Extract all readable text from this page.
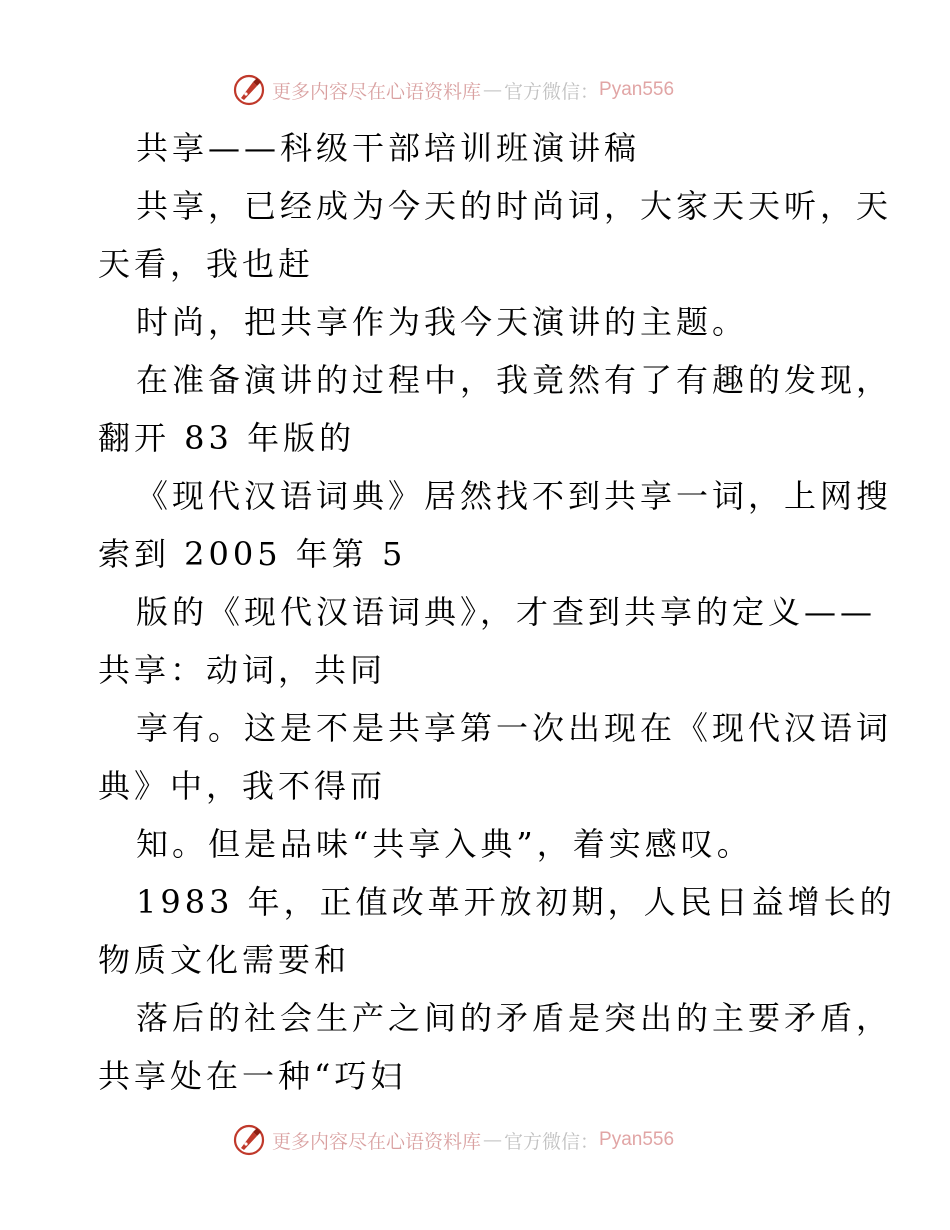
更多内容尽在心语资料库 — 官方微信： Pyan556
共享——科级干部培训班演讲稿
共享，已经成为今天的时尚词，大家天天听，天
天看，我也赶
时尚，把共享作为我今天演讲的主题。
在准备演讲的过程中，我竟然有了有趣的发现，
翻开 83 年版的
《现代汉语词典》居然找不到共享一词，上网搜
索到 2005 年第 5
版的《现代汉语词典》，才查到共享的定义——
共享：动词，共同
享有。这是不是共享第一次出现在《现代汉语词
典》中，我不得而
知。但是品味“共享入典”，着实感叹。
1983 年，正值改革开放初期，人民日益增长的
物质文化需要和
落后的社会生产之间的矛盾是突出的主要矛盾，
共享处在一种“巧妇
更多内容尽在心语资料库 — 官方微信： Pyan556
